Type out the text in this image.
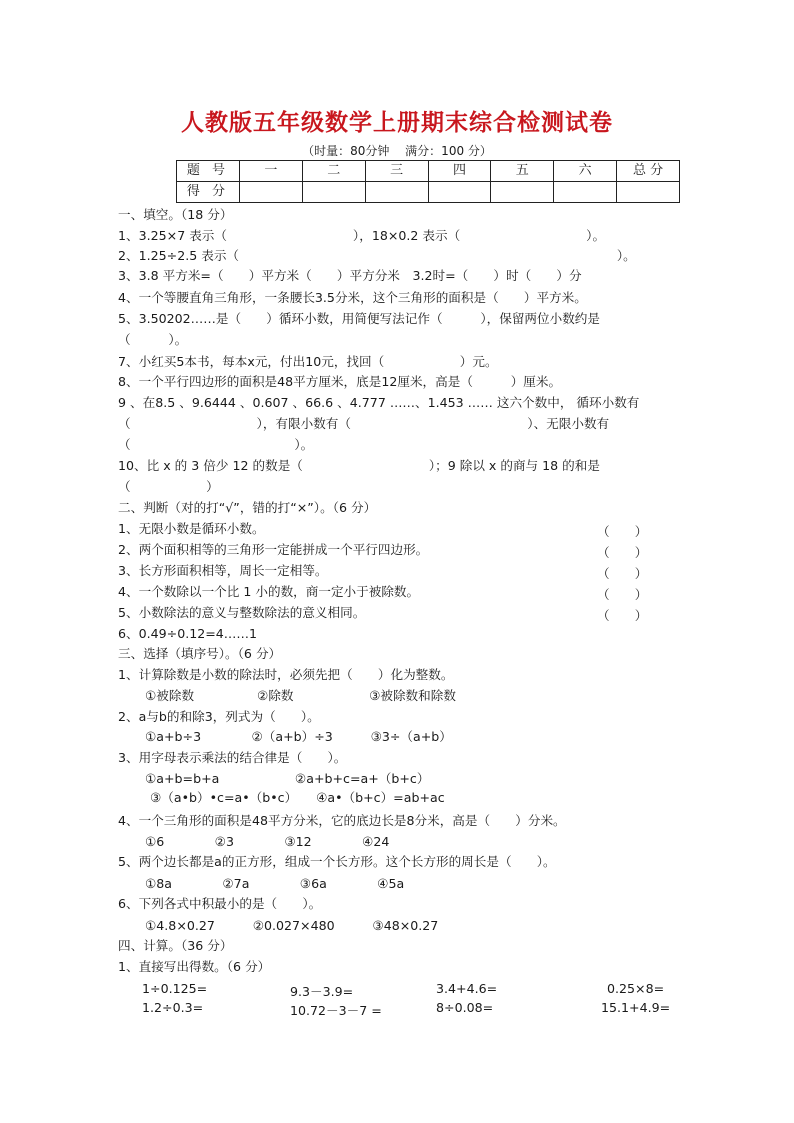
人教版五年级数学上册期末综合检测试卷
（时量：80分钟　 满分：100 分）
题 号	一	二	三	四	五	六	总 分
得 分							
一、填空。（18 分）
1、3.25×7 表示（　　　　　　　　　　），18×0.2 表示（　　　　　　　　　　）。
2、1.25÷2.5 表示（　　　　　　　　　　　　　　　　　　　　　　　　　　　　　　）。
3、3.8 平方米=（　　）平方米（　　）平方分米　3.2时=（　　）时（　　）分
4、一个等腰直角三角形，一条腰长3.5分米，这个三角形的面积是（　　）平方米。
5、3.50202……是（　　）循环小数，用简便写法记作（　　　），保留两位小数约是
（　　　）。
7、小红买5本书，每本x元，付出10元，找回（　　　　　　）元。
8、一个平行四边形的面积是48平方厘米，底是12厘米，高是（　　　）厘米。
9 、在8.5 、9.6444 、0.607 、66.6 、4.777 ……、1.453 …… 这六个数中， 循环小数有
（　　　　　　　　　　），有限小数有（　　　　　　　　　　　　　　）、无限小数有
（　　　　　　　　　　　　　）。
10、比 x 的 3 倍少 12 的数是（　　　　　　　　　　）；9 除以 x 的商与 18 的和是
（　　　　　　）
二、判断（对的打“√”，错的打“×”）。（6 分）
1、无限小数是循环小数。	（　　）
2、两个面积相等的三角形一定能拼成一个平行四边形。	（　　）
3、长方形面积相等，周长一定相等。	（　　）
4、一个数除以一个比 1 小的数，商一定小于被除数。	（　　）
5、小数除法的意义与整数除法的意义相同。	（　　）
6、0.49÷0.12=4……1
三、选择（填序号）。（6 分）
1、计算除数是小数的除法时，必须先把（　　）化为整数。
①被除数　　　　　②除数　　　　　　③被除数和除数
2、a与b的和除3，列式为（　　）。
①a+b÷3　　　　②（a+b）÷3　　　③3÷（a+b）
3、用字母表示乘法的结合律是（　　）。
①a+b=b+a　　　　　　②a+b+c=a+（b+c）
③（a•b）•c=a•（b•c）　　④a•（b+c）=ab+ac
4、一个三角形的面积是48平方分米，它的底边长是8分米，高是（　　）分米。
①6　　　　②3　　　　③12　　　　④24
5、两个边长都是a的正方形，组成一个长方形。这个长方形的周长是（　　）。
①8a　　　　②7a　　　　③6a　　　　④5a
6、下列各式中积最小的是（　　）。
①4.8×0.27　　　②0.027×480　　　③48×0.27
四、计算。（36 分）
1、直接写出得数。（6 分）
1÷0.125=	9.3－3.9=	3.4+4.6=	0.25×8=
1.2÷0.3=	10.72－3－7 =	8÷0.08=	15.1+4.9=
